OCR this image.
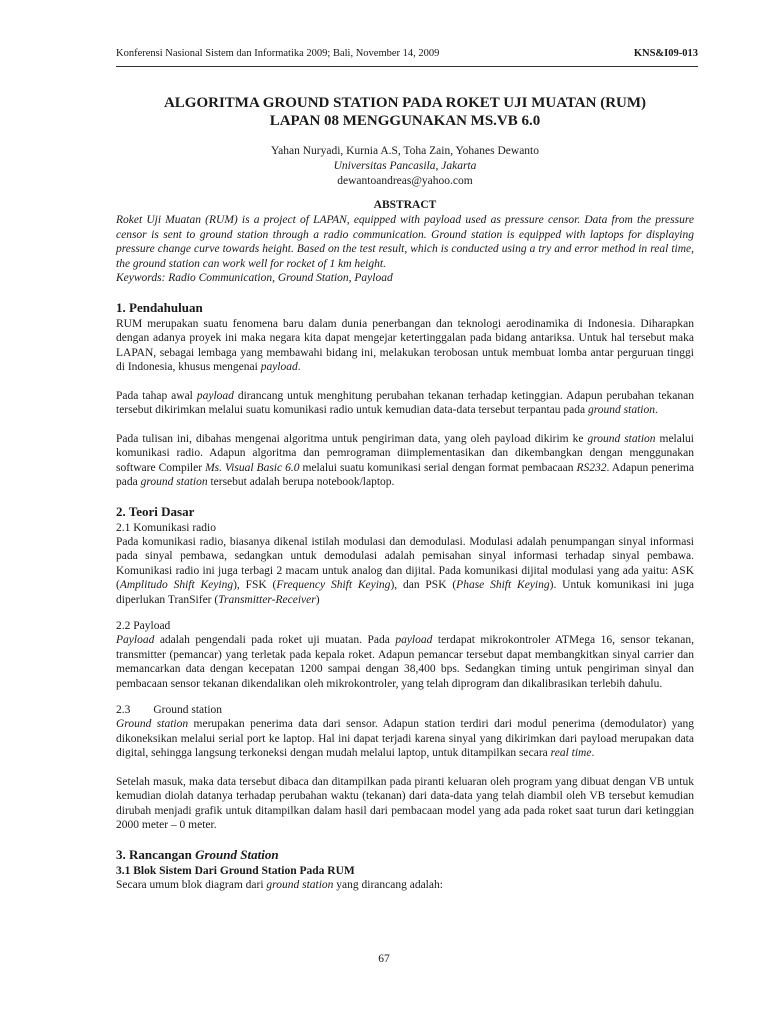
Konferensi Nasional Sistem dan Informatika 2009; Bali, November 14, 2009	KNS&I09-013
ALGORITMA GROUND STATION PADA ROKET UJI MUATAN (RUM)
LAPAN 08 MENGGUNAKAN MS.VB 6.0
Yahan Nuryadi, Kurnia A.S, Toha Zain, Yohanes Dewanto
Universitas Pancasila, Jakarta
dewantoandreas@yahoo.com
ABSTRACT
Roket Uji Muatan (RUM) is a project of LAPAN, equipped with payload used as pressure censor. Data from the pressure censor is sent to ground station through a radio communication. Ground station is equipped with laptops for displaying pressure change curve towards height. Based on the test result, which is conducted using a try and error method in real time, the ground station can work well for rocket of 1 km height.
Keywords: Radio Communication, Ground Station, Payload
1. Pendahuluan

RUM merupakan suatu fenomena baru dalam dunia penerbangan dan teknologi aerodinamika di Indonesia. Diharapkan dengan adanya proyek ini maka negara kita dapat mengejar ketertinggalan pada bidang antariksa. Untuk hal tersebut maka LAPAN, sebagai lembaga yang membawahi bidang ini, melakukan terobosan untuk membuat lomba antar perguruan tinggi di Indonesia, khusus mengenai payload.

Pada tahap awal payload dirancang untuk menghitung perubahan tekanan terhadap ketinggian. Adapun perubahan tekanan tersebut dikirimkan melalui suatu komunikasi radio untuk kemudian data-data tersebut terpantau pada ground station.

Pada tulisan ini, dibahas mengenai algoritma untuk pengiriman data, yang oleh payload dikirim ke ground station melalui komunikasi radio. Adapun algoritma dan pemrograman diimplementasikan dan dikembangkan dengan menggunakan software Compiler Ms. Visual Basic 6.0 melalui suatu komunikasi serial dengan format pembacaan RS232. Adapun penerima pada ground station tersebut adalah berupa notebook/laptop.

2. Teori Dasar
2.1 Komunikasi radio

Pada komunikasi radio, biasanya dikenal istilah modulasi dan demodulasi. Modulasi adalah penumpangan sinyal informasi pada sinyal pembawa, sedangkan untuk demodulasi adalah pemisahan sinyal informasi terhadap sinyal pembawa. Komunikasi radio ini juga terbagi 2 macam untuk analog dan dijital. Pada komunikasi dijital modulasi yang ada yaitu: ASK (Amplitudo Shift Keying), FSK (Frequency Shift Keying), dan PSK (Phase Shift Keying). Untuk komunikasi ini juga diperlukan TranSifer (Transmitter-Receiver)

2.2 Payload

Payload adalah pengendali pada roket uji muatan. Pada payload terdapat mikrokontroler ATMega 16, sensor tekanan, transmitter (pemancar) yang terletak pada kepala roket. Adapun pemancar tersebut dapat membangkitkan sinyal carrier dan memancarkan data dengan kecepatan 1200 sampai dengan 38,400 bps. Sedangkan timing untuk pengiriman sinyal dan pembacaan sensor tekanan dikendalikan oleh mikrokontroler, yang telah diprogram dan dikalibrasikan terlebih dahulu.

2.3        Ground station

Ground station merupakan penerima data dari sensor. Adapun station terdiri dari modul penerima (demodulator) yang dikoneksikan melalui serial port ke laptop. Hal ini dapat terjadi karena sinyal yang dikirimkan dari payload merupakan data digital, sehingga langsung terkoneksi dengan mudah melalui laptop, untuk ditampilkan secara real time.

Setelah masuk, maka data tersebut dibaca dan ditampilkan pada piranti keluaran oleh program yang dibuat dengan VB untuk kemudian diolah datanya terhadap perubahan waktu (tekanan) dari data-data yang telah diambil oleh VB tersebut kemudian dirubah menjadi grafik untuk ditampilkan dalam hasil dari pembacaan model yang ada pada roket saat turun dari ketinggian 2000 meter – 0 meter.

3. Rancangan Ground Station
3.1 Blok Sistem Dari Ground Station Pada RUM

Secara umum blok diagram dari ground station yang dirancang adalah:

67
